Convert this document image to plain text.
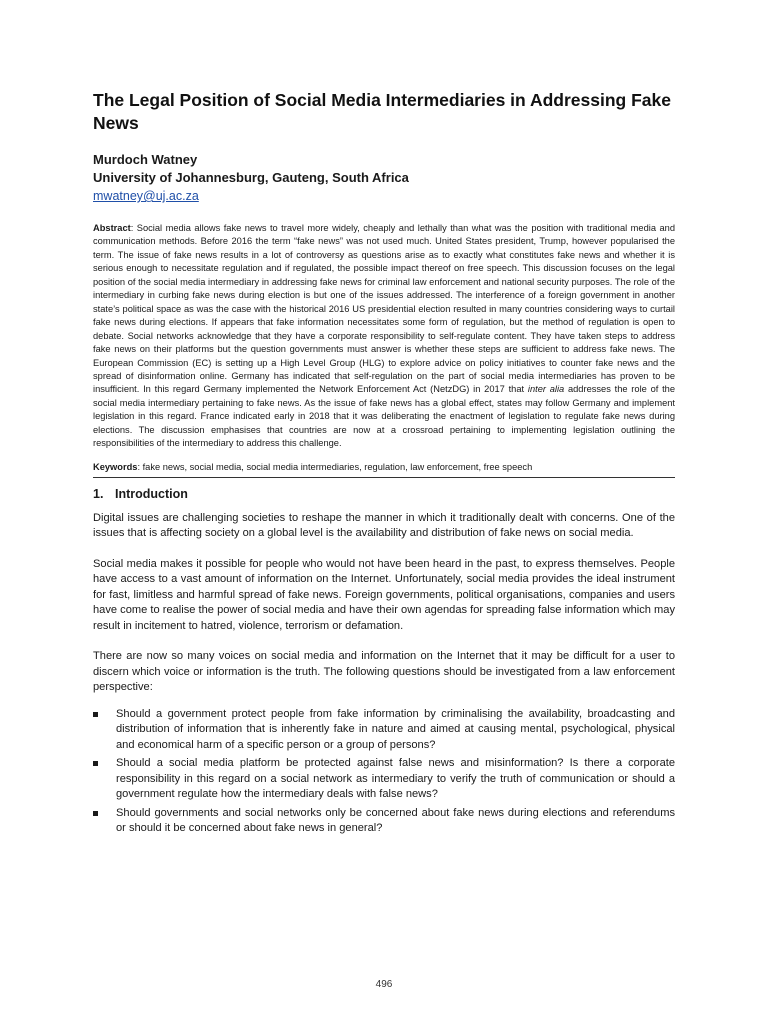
The Legal Position of Social Media Intermediaries in Addressing Fake News
Murdoch Watney
University of Johannesburg, Gauteng, South Africa
mwatney@uj.ac.za
Abstract: Social media allows fake news to travel more widely, cheaply and lethally than what was the position with traditional media and communication methods. Before 2016 the term “fake news” was not used much. United States president, Trump, however popularised the term. The issue of fake news results in a lot of controversy as questions arise as to exactly what constitutes fake news and whether it is serious enough to necessitate regulation and if regulated, the possible impact thereof on free speech. This discussion focuses on the legal position of the social media intermediary in addressing fake news for criminal law enforcement and national security purposes. The role of the intermediary in curbing fake news during election is but one of the issues addressed. The interference of a foreign government in another state’s political space as was the case with the historical 2016 US presidential election resulted in many countries considering ways to curtail fake news during elections. If appears that fake information necessitates some form of regulation, but the method of regulation is open to debate. Social networks acknowledge that they have a corporate responsibility to self-regulate content. They have taken steps to address fake news on their platforms but the question governments must answer is whether these steps are sufficient to address fake news. The European Commission (EC) is setting up a High Level Group (HLG) to explore advice on policy initiatives to counter fake news and the spread of disinformation online. Germany has indicated that self-regulation on the part of social media intermediaries has proven to be insufficient. In this regard Germany implemented the Network Enforcement Act (NetzDG) in 2017 that inter alia addresses the role of the social media intermediary pertaining to fake news. As the issue of fake news has a global effect, states may follow Germany and implement legislation in this regard. France indicated early in 2018 that it was deliberating the enactment of legislation to regulate fake news during elections. The discussion emphasises that countries are now at a crossroad pertaining to implementing legislation outlining the responsibilities of the intermediary to address this challenge.
Keywords: fake news, social media, social media intermediaries, regulation, law enforcement, free speech
1. Introduction

Digital issues are challenging societies to reshape the manner in which it traditionally dealt with concerns. One of the issues that is affecting society on a global level is the availability and distribution of fake news on social media.

Social media makes it possible for people who would not have been heard in the past, to express themselves. People have access to a vast amount of information on the Internet. Unfortunately, social media provides the ideal instrument for fast, limitless and harmful spread of fake news. Foreign governments, political organisations, companies and users have come to realise the power of social media and have their own agendas for spreading false information which may result in incitement to hatred, violence, terrorism or defamation.

There are now so many voices on social media and information on the Internet that it may be difficult for a user to discern which voice or information is the truth. The following questions should be investigated from a law enforcement perspective:

Should a government protect people from fake information by criminalising the availability, broadcasting and distribution of information that is inherently fake in nature and aimed at causing mental, psychological, physical and economical harm of a specific person or a group of persons?
Should a social media platform be protected against false news and misinformation? Is there a corporate responsibility in this regard on a social network as intermediary to verify the truth of communication or should a government regulate how the intermediary deals with false news?
Should governments and social networks only be concerned about fake news during elections and referendums or should it be concerned about fake news in general?
496
